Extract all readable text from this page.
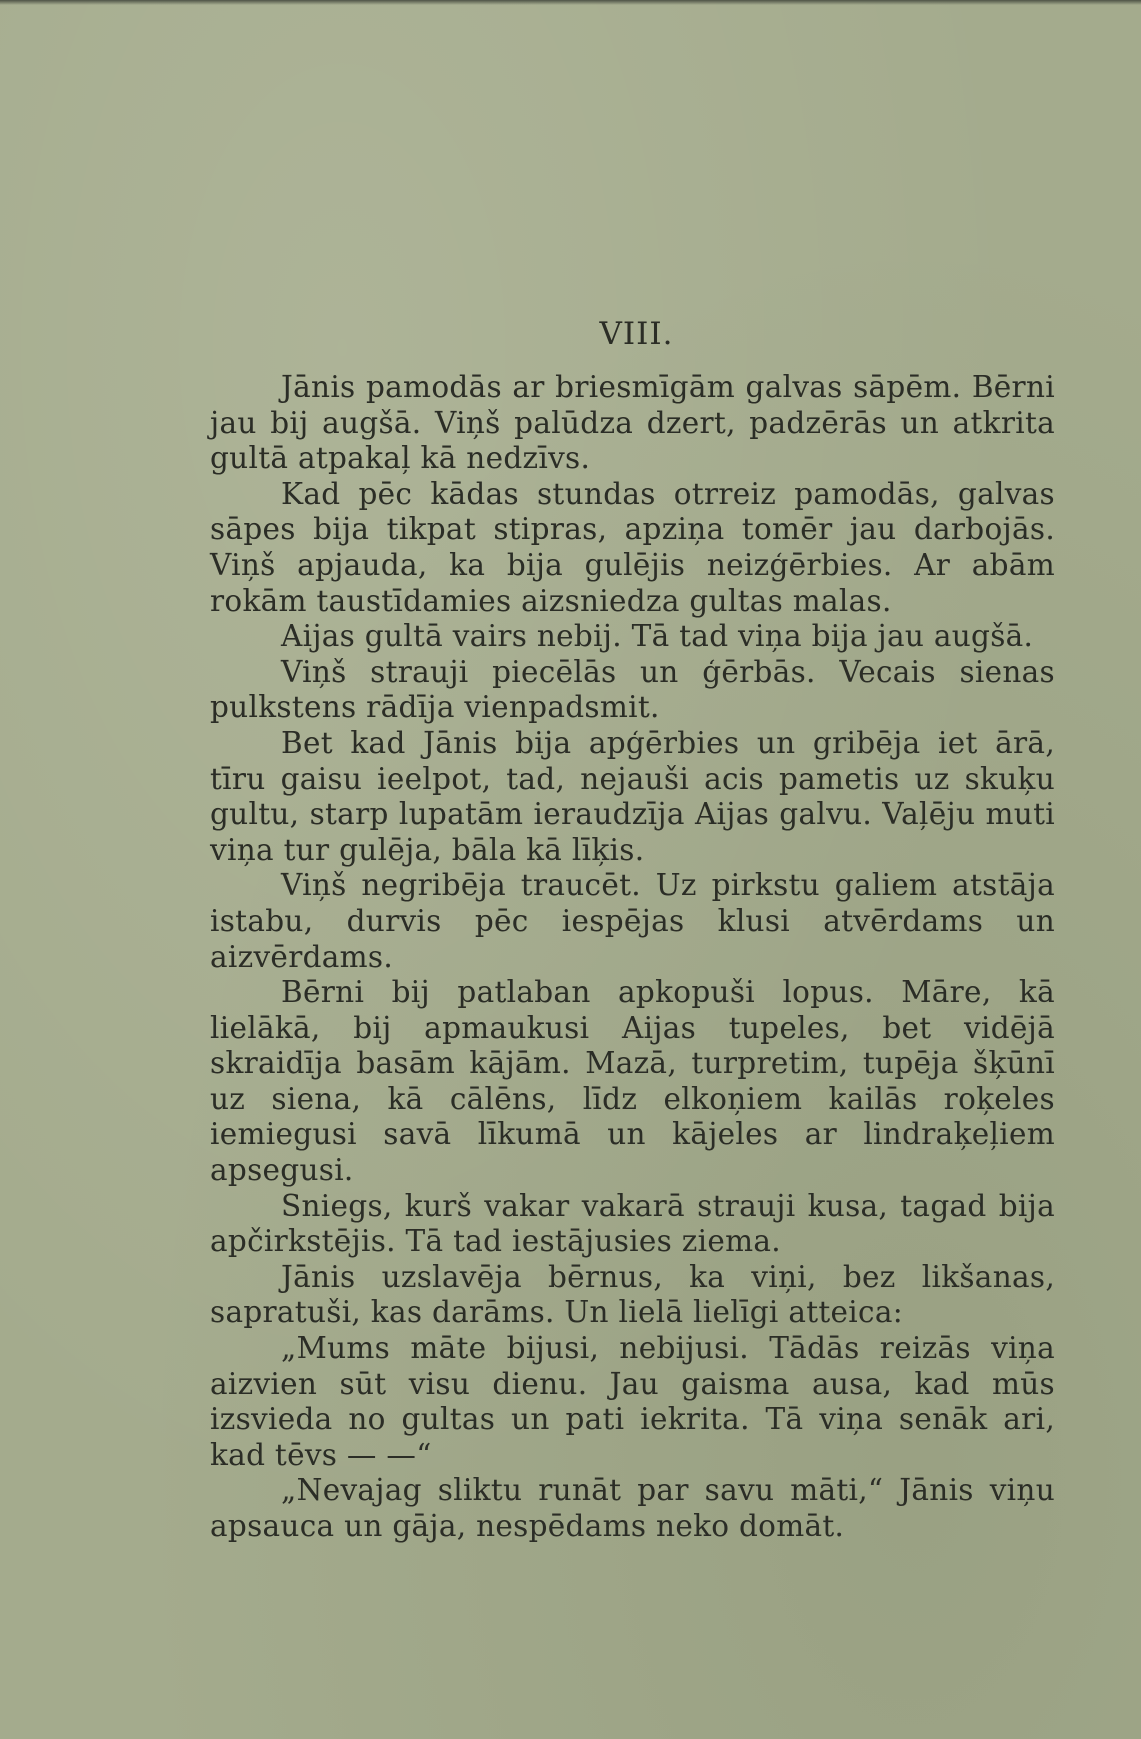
VIII.

Jānis pamodās ar briesmīgām galvas sāpēm. Bērni jau bij augšā. Viņš palūdza dzert, padzērās un atkrita gultā atpakaļ kā nedzīvs.

Kad pēc kādas stundas otrreiz pamodās, galvas sāpes bija tikpat stipras, apziņa tomēr jau darbojās. Viņš apjauda, ka bija gulējis neizģērbies. Ar abām rokām taustīdamies aizsniedza gultas malas.

Aijas gultā vairs nebij. Tā tad viņa bija jau augšā.

Viņš strauji piecēlās un ģērbās. Vecais sienas pulkstens rādīja vienpadsmit.

Bet kad Jānis bija apģērbies un gribēja iet ārā, tīru gaisu ieelpot, tad, nejauši acis pametis uz skuķu gultu, starp lupatām ieraudzīja Aijas galvu. Vaļēju muti viņa tur gulēja, bāla kā līķis.

Viņš negribēja traucēt. Uz pirkstu galiem atstāja istabu, durvis pēc iespējas klusi atvērdams un aizvērdams.

Bērni bij patlaban apkopuši lopus. Māre, kā lielākā, bij apmaukusi Aijas tupeles, bet vidējā skraidīja basām kājām. Mazā, turpretim, tupēja šķūnī uz siena, kā cālēns, līdz elkoņiem kailās roķeles iemiegusi savā līkumā un kājeles ar lindraķeļiem apsegusi.

Sniegs, kurš vakar vakarā strauji kusa, tagad bija apčirkstējis. Tā tad iestājusies ziema.

Jānis uzslavēja bērnus, ka viņi, bez likšanas, sapratuši, kas darāms. Un lielā lielīgi atteica:

„Mums māte bijusi, nebijusi. Tādās reizās viņa aizvien sūt visu dienu. Jau gaisma ausa, kad mūs izsvieda no gultas un pati iekrita. Tā viņa senāk ari, kad tēvs — —“

„Nevajag sliktu runāt par savu māti,“ Jānis viņu apsauca un gāja, nespēdams neko domāt.
